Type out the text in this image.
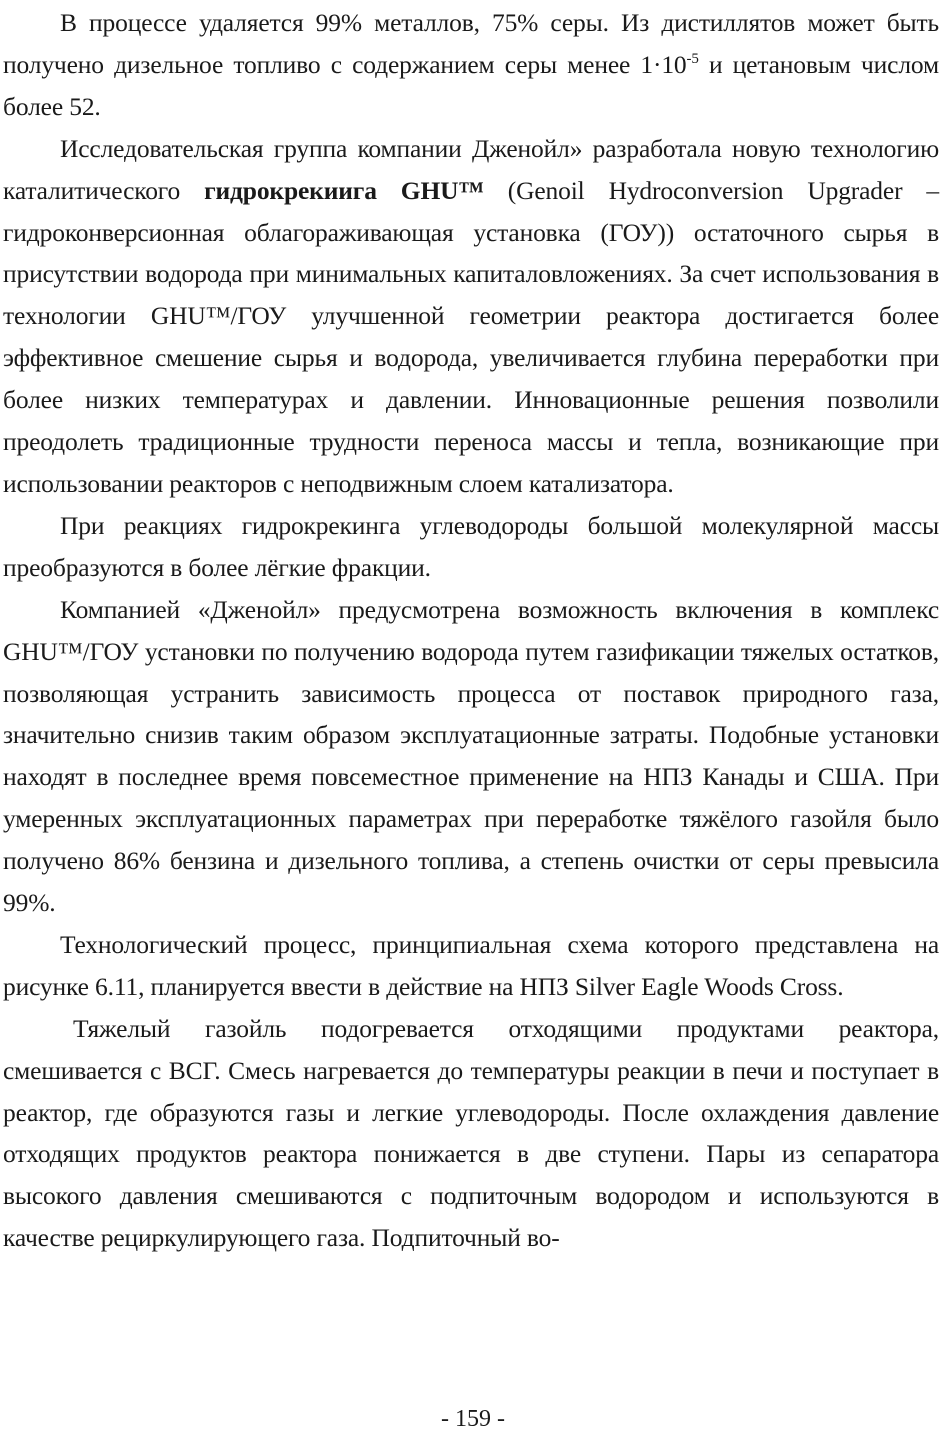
В процессе удаляется 99% металлов, 75% серы. Из дистиллятов может быть получено дизельное топливо с содержанием серы менее $1\cdot 10^{-5}$ и цетановым числом более 52.

Исследовательская группа компании Дженойл» разработала новую технологию каталитического гидрокрекиига GHU™ (Genoil Hydroconversion Upgrader – гидроконверсионная облагораживающая установка (ГОУ)) остаточного сырья в присутствии водорода при минимальных капиталовложениях. За счет использования в технологии GHU™/ГОУ улучшенной геометрии реактора достигается более эффективное смешение сырья и водорода, увеличивается глубина переработки при более низких температурах и давлении. Инновационные решения позволили преодолеть традиционные трудности переноса массы и тепла, возникающие при использовании реакторов с неподвижным слоем катализатора.

При реакциях гидрокрекинга углеводороды большой молекулярной массы преобразуются в более лёгкие фракции.

Компанией «Дженойл» предусмотрена возможность включения в комплекс GHU™/ГОУ установки по получению водорода путем газификации тяжелых остатков, позволяющая устранить зависимость процесса от поставок природного газа, значительно снизив таким образом эксплуатационные затраты. Подобные установки находят в последнее время повсеместное применение на НПЗ Канады и США. При умеренных эксплуатационных параметрах при переработке тяжёлого газойля было получено 86% бензина и дизельного топлива, а степень очистки от серы превысила 99%.

Технологический процесс, принципиальная схема которого представлена на рисунке 6.11, планируется ввести в действие на НПЗ Silver Eagle Woods Cross.

Тяжелый газойль подогревается отходящими продуктами реактора, смешивается с ВСГ. Смесь нагревается до температуры реакции в печи и поступает в реактор, где образуются газы и легкие углеводороды. После охлаждения давление отходящих продуктов реактора понижается в две ступени. Пары из сепаратора высокого давления смешиваются с подпиточным водородом и используются в качестве рециркулирующего газа. Подпиточный во-

- 159 -
